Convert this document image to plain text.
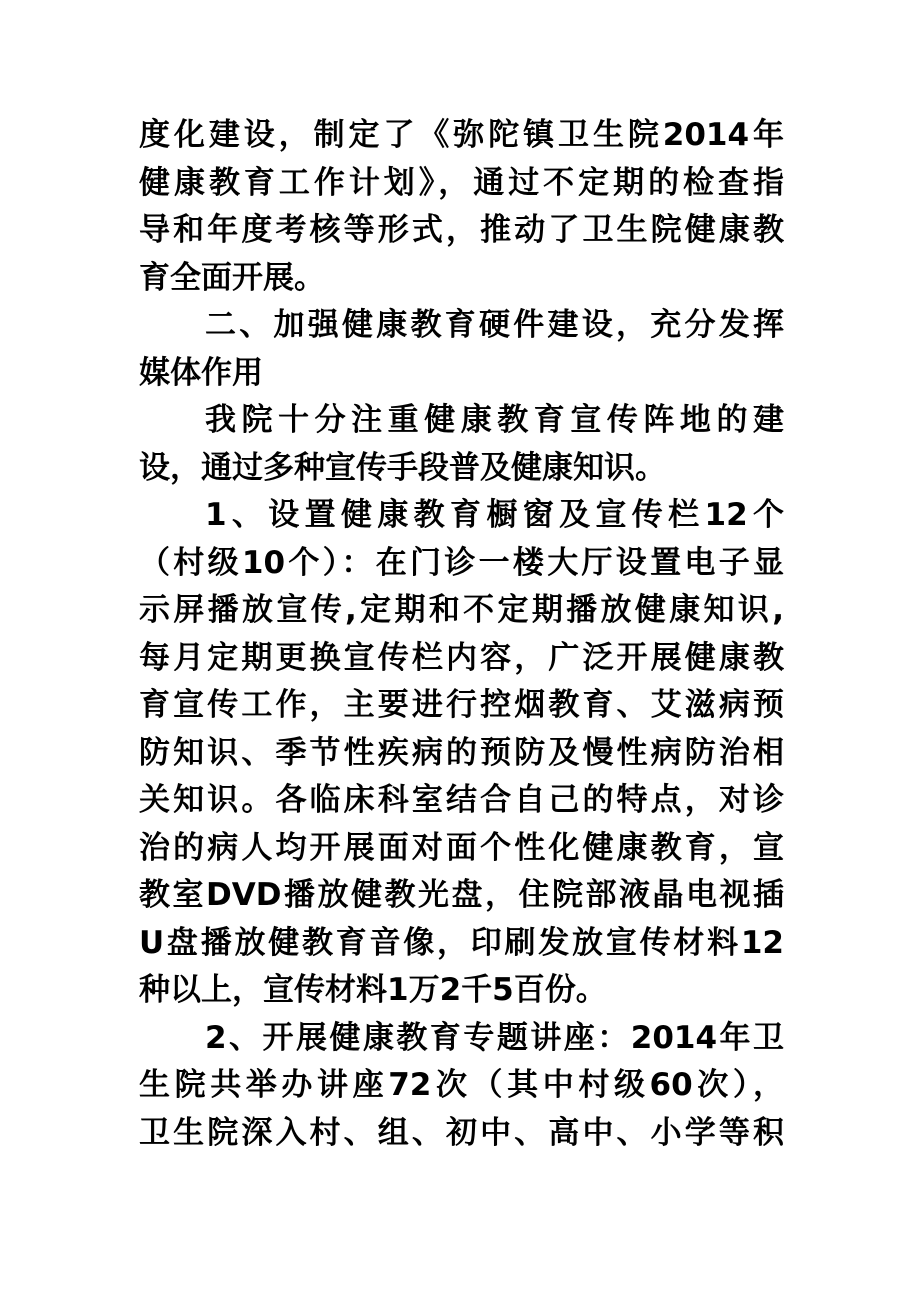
度化建设，制定了《弥陀镇卫生院2014年
健康教育工作计划》，通过不定期的检查指
导和年度考核等形式，推动了卫生院健康教
育全面开展。
二、加强健康教育硬件建设，充分发挥
媒体作用
我院十分注重健康教育宣传阵地的建
设，通过多种宣传手段普及健康知识。
1、设置健康教育橱窗及宣传栏12个
（村级10个）：在门诊一楼大厅设置电子显
示屏播放宣传,定期和不定期播放健康知识,
每月定期更换宣传栏内容，广泛开展健康教
育宣传工作，主要进行控烟教育、艾滋病预
防知识、季节性疾病的预防及慢性病防治相
关知识。各临床科室结合自己的特点，对诊
治的病人均开展面对面个性化健康教育，宣
教室DVD播放健教光盘，住院部液晶电视插
U盘播放健教育音像，印刷发放宣传材料12
种以上，宣传材料1万2千5百份。
2、开展健康教育专题讲座：2014年卫
生院共举办讲座72次（其中村级60次），
卫生院深入村、组、初中、高中、小学等积
